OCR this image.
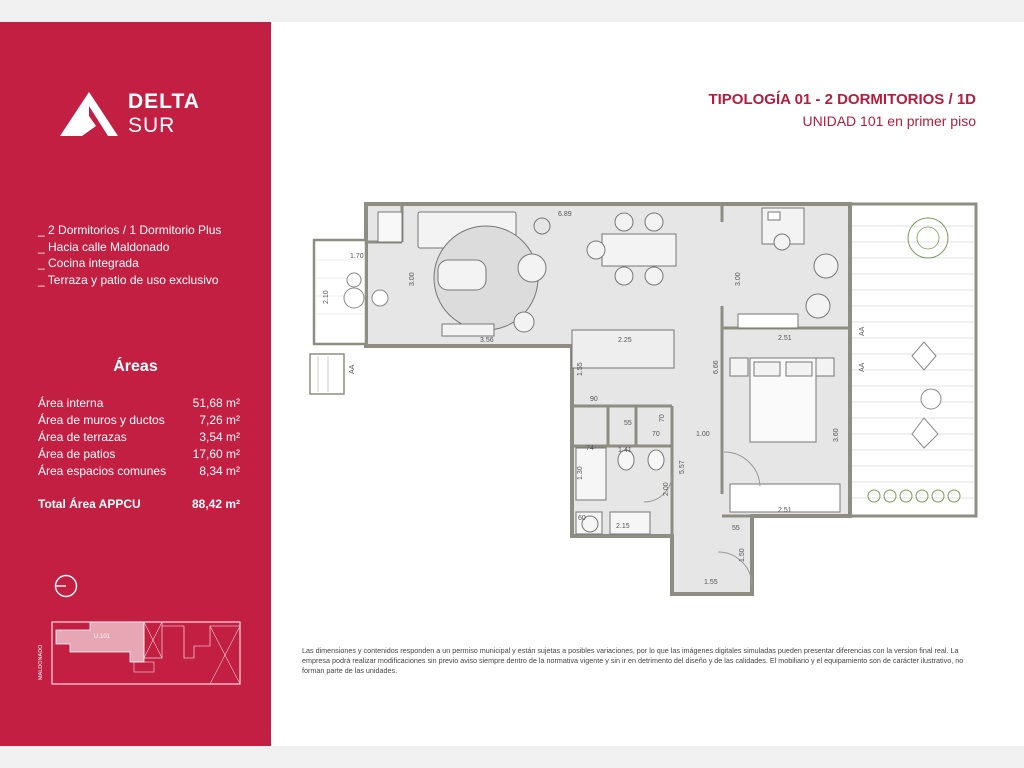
DELTA
SUR
_ 2 Dormitorios / 1 Dormitorio Plus
_ Hacia calle Maldonado
_ Cocina integrada
_ Terraza y patio de uso exclusivo
Áreas
Área interna	51,68 m²
Área de muros y ductos	7,26 m²
Área de terrazas	3,54 m²
Área de patios	17,60 m²
Área espacios comunes	8,34 m²
Total Área APPCU	88,42 m²
MALDONADO
U.101
TIPOLOGÍA 01 - 2 DORMITORIOS / 1D
UNIDAD 101 en primer piso
6.89
1.70
3.00
2.10
3.56	2.25
3.00
2.51
6.66
1.55
90
55
70
70	1.00
1.41
74
1.30	5.57
2.00
60
2.15
3.60
2.51
55
1.50
1.55
AA
AA
AA

Las dimensiones y contenidos responden a un permiso municipal y están sujetas a posibles variaciones, por lo que las imágenes digitales simuladas pueden presentar diferencias con la version final real. La empresa podrá realizar modificaciones sin previo aviso siempre dentro de la normativa vigente y sin ir en detrimento del diseño y de las calidades. El mobiliario y el equipamiento son de carácter ilustrativo, no forman parte de las unidades.
